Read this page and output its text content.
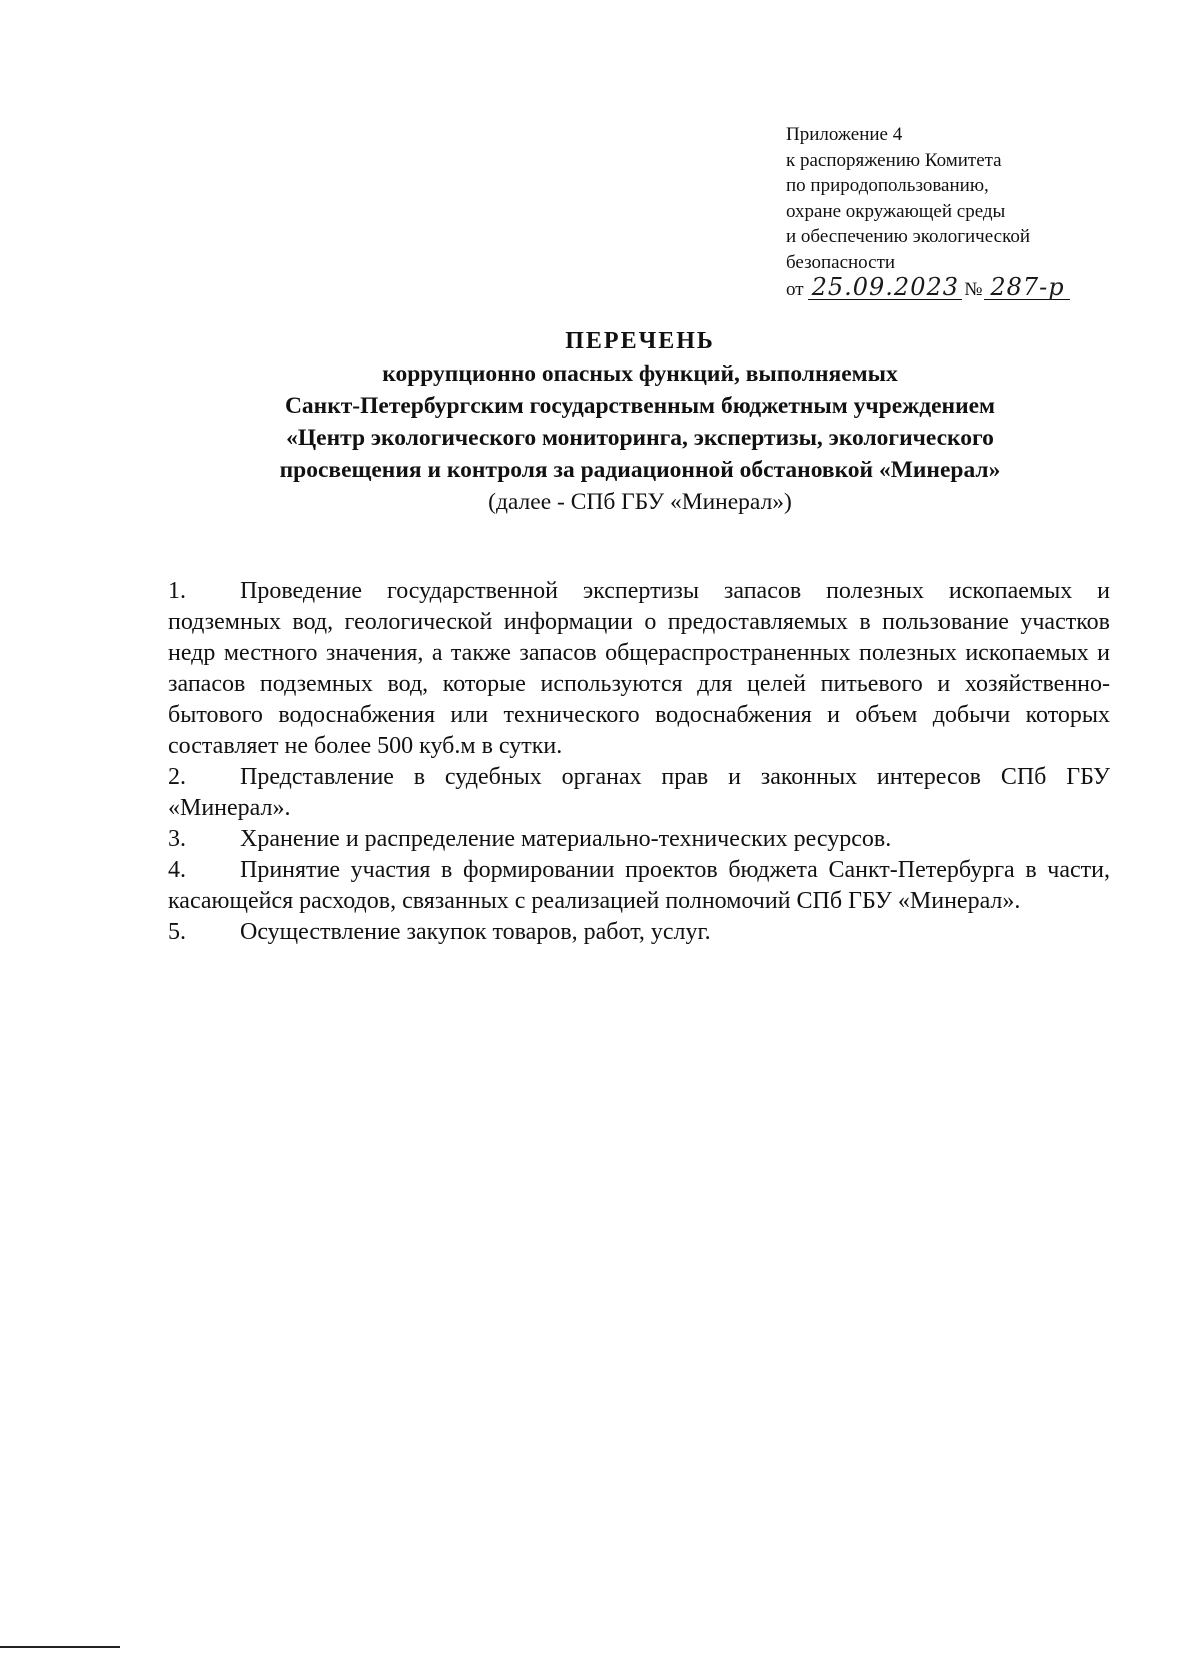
Приложение 4
к распоряжению Комитета
по природопользованию,
охране окружающей среды
и обеспечению экологической
безопасности
от
25.09.2023 № 287-р
ПЕРЕЧЕНЬ
коррупционно опасных функций, выполняемых
Санкт-Петербургским государственным бюджетным учреждением
«Центр экологического мониторинга, экспертизы, экологического
просвещения и контроля за радиационной обстановкой «Минерал»
(далее - СПб ГБУ «Минерал»)

1. Проведение государственной экспертизы запасов полезных ископаемых и подземных вод, геологической информации о предоставляемых в пользование участков недр местного значения, а также запасов общераспространенных полезных ископаемых и запасов подземных вод, которые используются для целей питьевого и хозяйственно-бытового водоснабжения или технического водоснабжения и объем добычи которых составляет не более 500 куб.м в сутки.

2. Представление в судебных органах прав и законных интересов СПб ГБУ «Минерал».

3. Хранение и распределение материально-технических ресурсов.

4. Принятие участия в формировании проектов бюджета Санкт-Петербурга в части, касающейся расходов, связанных с реализацией полномочий СПб ГБУ «Минерал».

5. Осуществление закупок товаров, работ, услуг.
